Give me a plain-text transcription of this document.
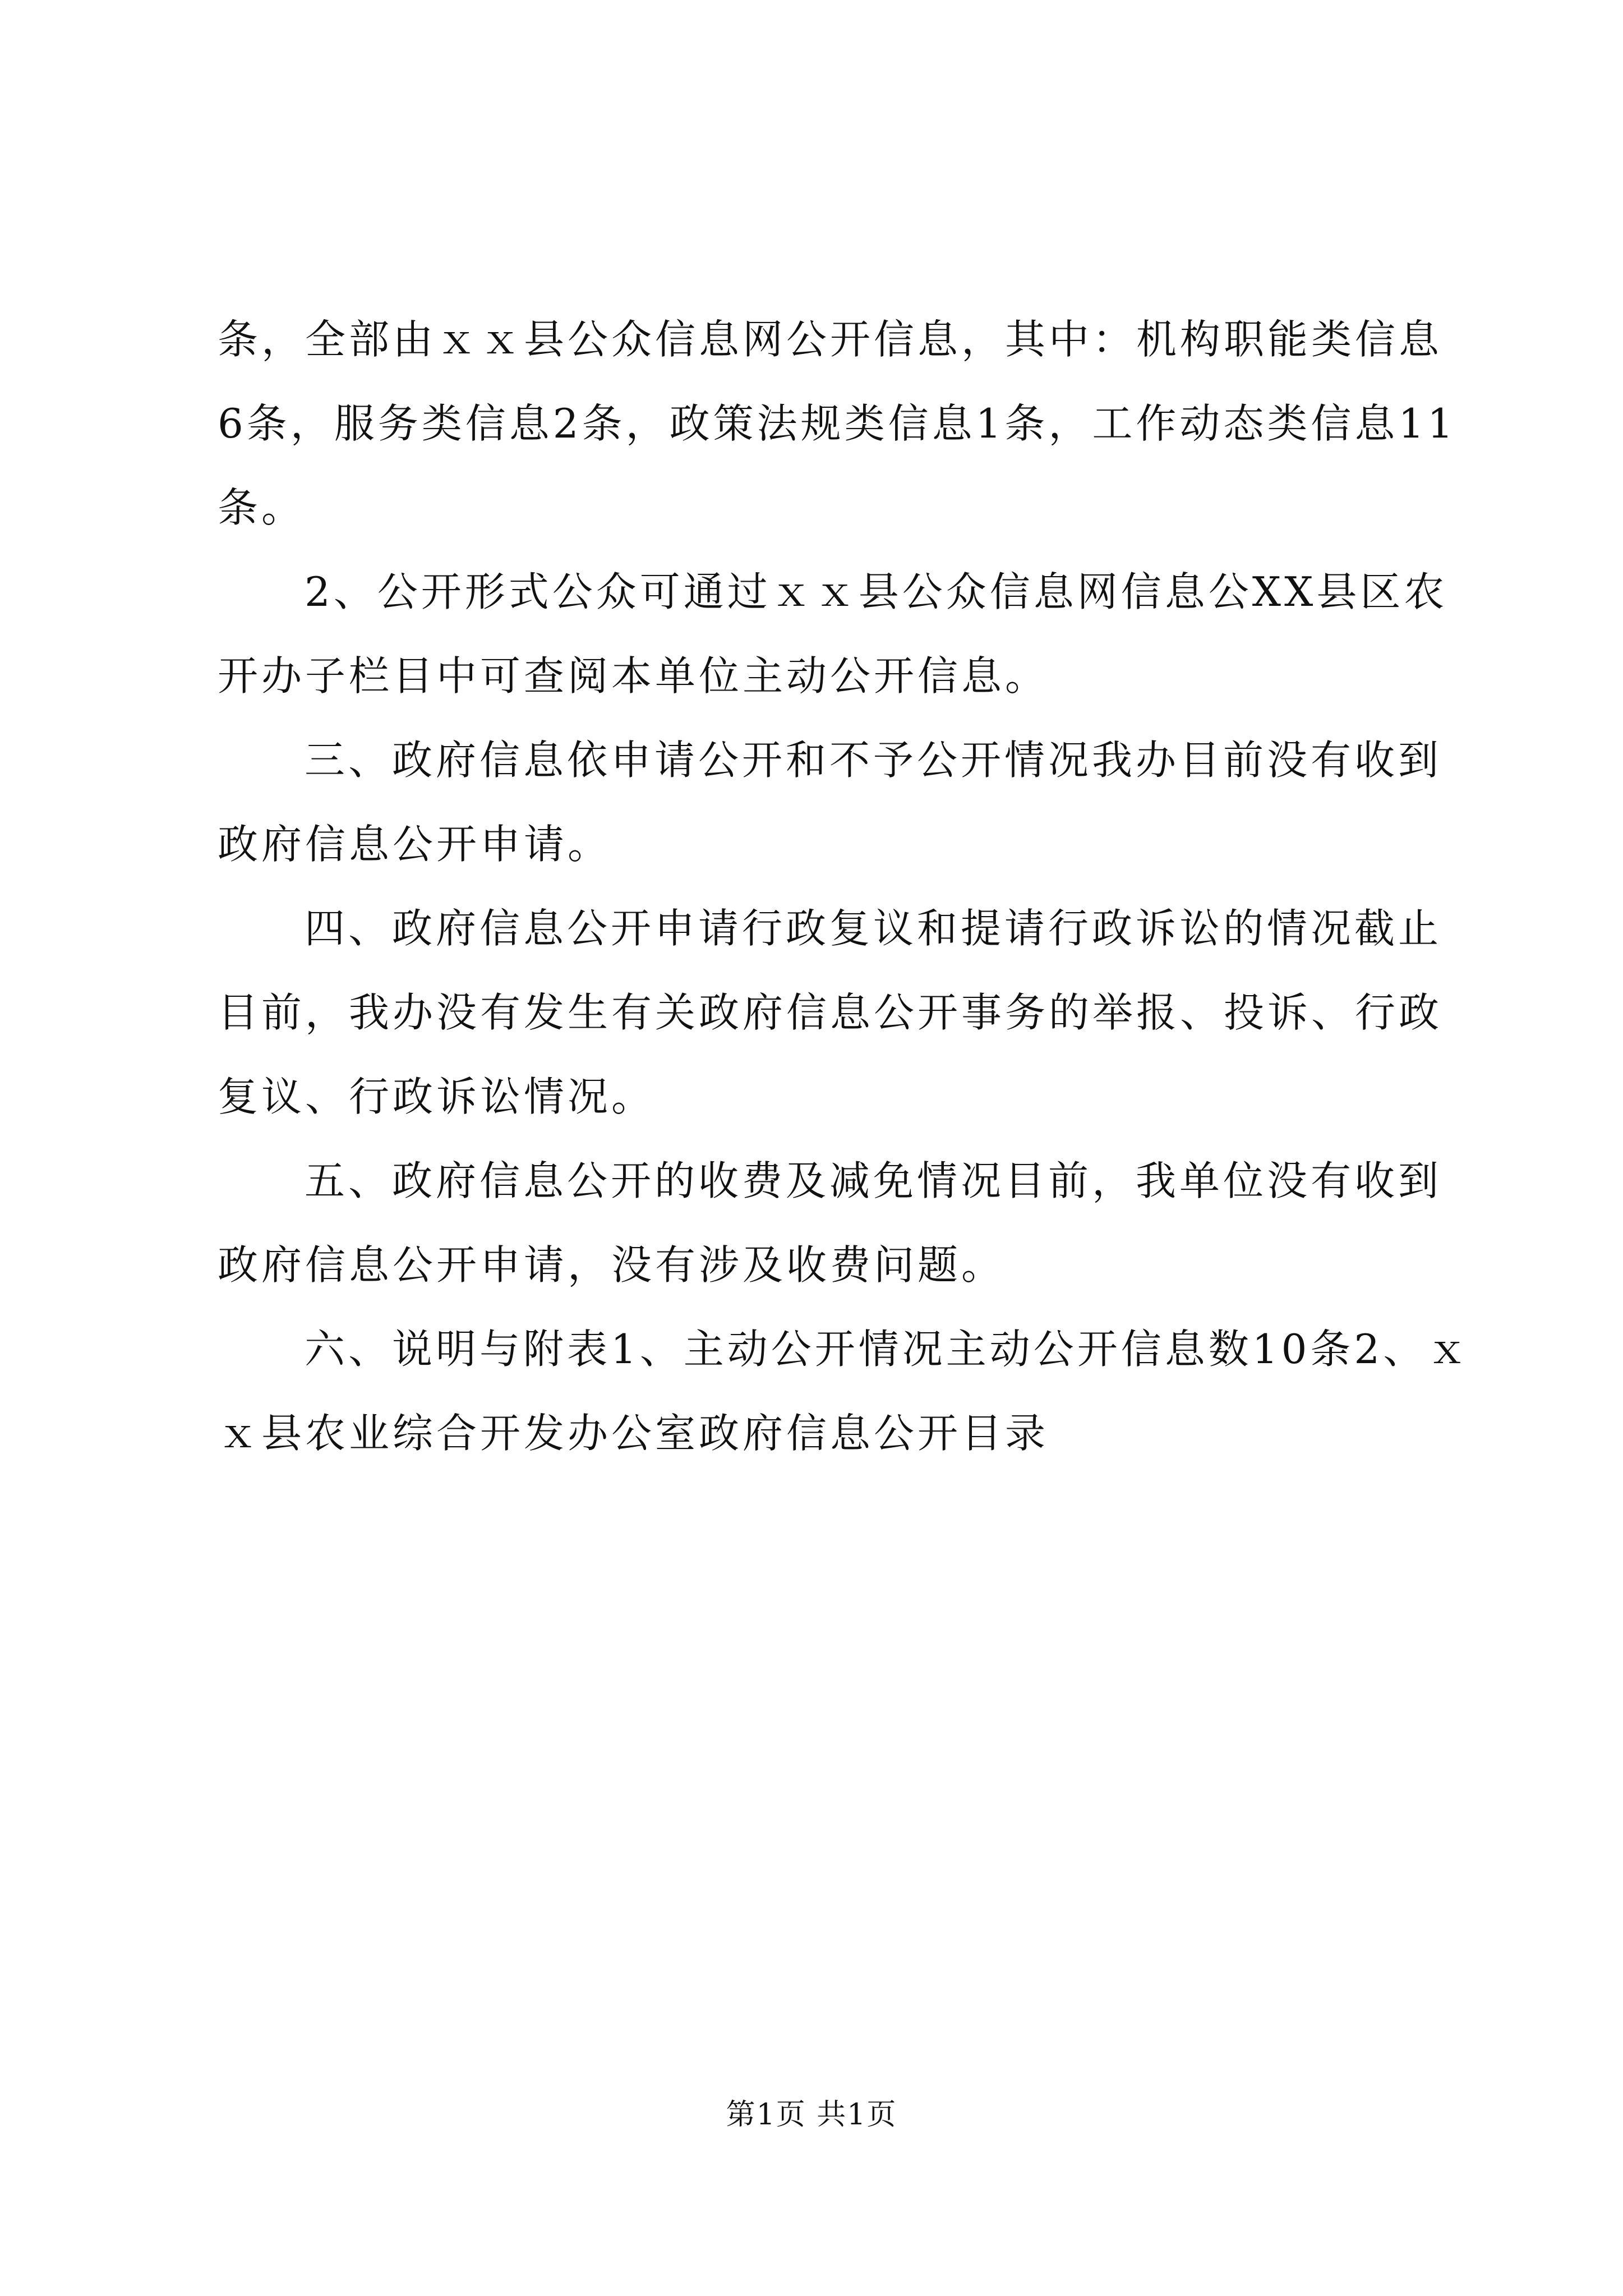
条，全部由ｘｘ县公众信息网公开信息，其中：机构职能类信息
6条，服务类信息2条，政策法规类信息1条，工作动态类信息11
条。
2、公开形式公众可通过ｘｘ县公众信息网信息公XX县区农
开办子栏目中可查阅本单位主动公开信息。
三、政府信息依申请公开和不予公开情况我办目前没有收到
政府信息公开申请。
四、政府信息公开申请行政复议和提请行政诉讼的情况截止
目前，我办没有发生有关政府信息公开事务的举报、投诉、行政
复议、行政诉讼情况。
五、政府信息公开的收费及减免情况目前，我单位没有收到
政府信息公开申请，没有涉及收费问题。
六、说明与附表1、主动公开情况主动公开信息数10条2、ｘ
ｘ县农业综合开发办公室政府信息公开目录
第1页 共1页
